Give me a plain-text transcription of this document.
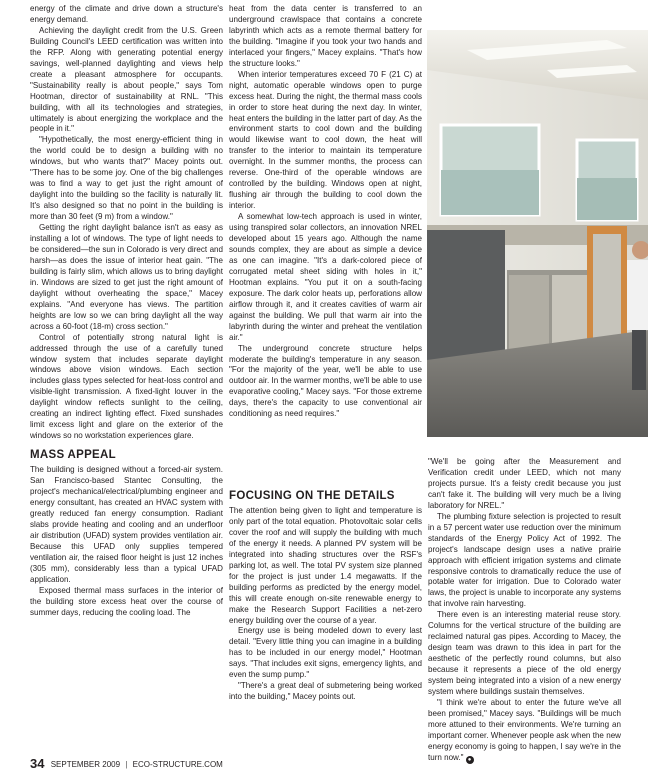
energy of the climate and drive down a structure's energy demand.

Achieving the daylight credit from the U.S. Green Building Council's LEED certification was written into the RFP. Along with generating potential energy savings, well-planned daylighting and views help create a pleasant atmosphere for occupants. "Sustainability really is about people," says Tom Hootman, director of sustainability at RNL. "This building, with all its technologies and strategies, ultimately is about energizing the workplace and the people in it."

"Hypothetically, the most energy-efficient thing in the world could be to design a building with no windows, but who wants that?" Macey points out. "There has to be some joy. One of the big challenges was to find a way to get just the right amount of daylight into the building so the facility is naturally lit. It's also designed so that no point in the building is more than 30 feet (9 m) from a window."

Getting the right daylight balance isn't as easy as installing a lot of windows. The type of light needs to be considered—the sun in Colorado is very direct and harsh—as does the issue of interior heat gain. "The building is fairly slim, which allows us to bring daylight in. Windows are sized to get just the right amount of daylight without overheating the space," Macey explains. "And everyone has views. The partition heights are low so we can bring daylight all the way across a 60-foot (18-m) cross section."

Control of potentially strong natural light is addressed through the use of a carefully tuned window system that includes separate daylight windows above vision windows. Each section includes glass types selected for heat-loss control and visible-light transmission. A fixed-light louver in the daylight window reflects sunlight to the ceiling, creating an indirect lighting effect. Fixed sunshades limit excess light and glare on the exterior of the windows so no workstation experiences glare.

MASS APPEAL

The building is designed without a forced-air system. San Francisco-based Stantec Consulting, the project's mechanical/electrical/plumbing engineer and energy consultant, has created an HVAC system with greatly reduced fan energy consumption. Radiant slabs provide heating and cooling and an underfloor air distribution (UFAD) system provides ventilation air. Because this UFAD only supplies tempered ventilation air, the raised floor height is just 12 inches (305 mm), considerably less than a typical UFAD application.

Exposed thermal mass surfaces in the interior of the building store excess heat over the course of summer days, reducing the cooling load. The

heat from the data center is transferred to an underground crawlspace that contains a concrete labyrinth which acts as a remote thermal battery for the building. "Imagine if you took your two hands and interlaced your fingers," Macey explains. "That's how the structure looks."

When interior temperatures exceed 70 F (21 C) at night, automatic operable windows open to purge excess heat. During the night, the thermal mass cools in order to store heat during the next day. In winter, heat enters the building in the latter part of day. As the environment starts to cool down and the building would likewise want to cool down, the heat will transfer to the interior to maintain its temperature overnight. In the summer months, the process can reverse. One-third of the operable windows are controlled by the building. Windows open at night, flushing air through the building to cool down the interior.

A somewhat low-tech approach is used in winter, using transpired solar collectors, an innovation NREL developed about 15 years ago. Although the name sounds complex, they are about as simple a device as one can imagine. "It's a dark-colored piece of corrugated metal sheet siding with holes in it," Hootman explains. "You put it on a south-facing exposure. The dark color heats up, perforations allow airflow through it, and it creates cavities of warm air against the building. We pull that warm air into the labyrinth during the winter and preheat the ventilation air."

The underground concrete structure helps moderate the building's temperature in any season. "For the majority of the year, we'll be able to use outdoor air. In the warmer months, we'll be able to use evaporative cooling," Macey says. "For those extreme days, there's the capacity to use conventional air conditioning as need requires."

FOCUSING ON THE DETAILS

The attention being given to light and temperature is only part of the total equation. Photovoltaic solar cells cover the roof and will supply the building with much of the energy it needs. A planned PV system will be integrated into shading structures over the RSF's parking lot, as well. The total PV system size planned for the project is just under 1.4 megawatts. If the building performs as predicted by the energy model, this will create enough on-site renewable energy to make the Research Support Facilities a net-zero energy building over the course of a year.

Energy use is being modeled down to every last detail. "Every little thing you can imagine in a building has to be included in our energy model," Hootman says. "That includes exit signs, emergency lights, and even the sump pump."

"There's a great deal of submetering being worked into the building," Macey points out.

"We'll be going after the Measurement and Verification credit under LEED, which not many projects pursue. It's a feisty credit because you just can't fake it. The building will very much be a living laboratory for NREL."

The plumbing fixture selection is projected to result in a 57 percent water use reduction over the minimum standards of the Energy Policy Act of 1992. The project's landscape design uses a native prairie approach with efficient irrigation systems and climate responsive controls to dramatically reduce the use of potable water for irrigation. Due to Colorado water laws, the project is unable to incorporate any systems that involve rain harvesting.

There even is an interesting material reuse story. Columns for the vertical structure of the building are reclaimed natural gas pipes. According to Macey, the design team was drawn to this idea in part for the aesthetic of the perfectly round columns, but also because it represents a piece of the old energy system being integrated into a vision of a new energy system where buildings sustain themselves.

"I think we're about to enter the future we've all been promised," Macey says. "Buildings will be much more attuned to their environments. We're turning an important corner. Whenever people ask when the new energy economy is going to happen, I say we're in the turn now." ●

34 SEPTEMBER 2009 | ECO-STRUCTURE.COM
